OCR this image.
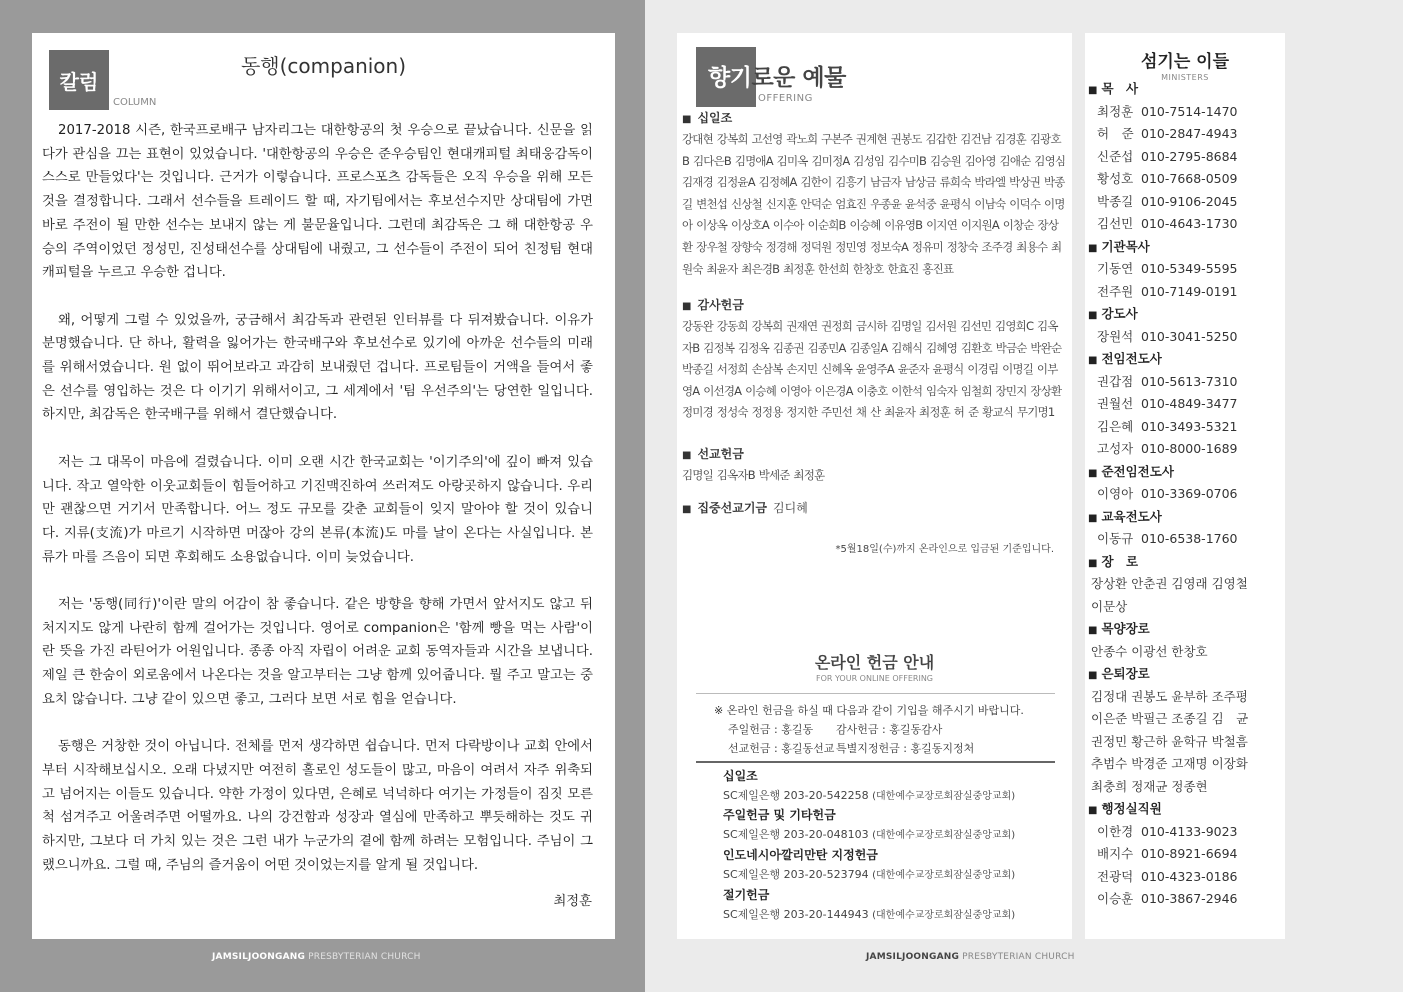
칼럼
COLUMN
동행(companion)

2017-2018 시즌, 한국프로배구 남자리그는 대한항공의 첫 우승으로 끝났습니다. 신문을 읽다가 관심을 끄는 표현이 있었습니다. '대한항공의 우승은 준우승팀인 현대캐피털 최태웅감독이 스스로 만들었다'는 것입니다. 근거가 이렇습니다. 프로스포츠 감독들은 오직 우승을 위해 모든 것을 결정합니다. 그래서 선수들을 트레이드 할 때, 자기팀에서는 후보선수지만 상대팀에 가면 바로 주전이 될 만한 선수는 보내지 않는 게 불문율입니다. 그런데 최감독은 그 해 대한항공 우승의 주역이었던 정성민, 진성태선수를 상대팀에 내줬고, 그 선수들이 주전이 되어 친정팀 현대캐피털을 누르고 우승한 겁니다.

왜, 어떻게 그럴 수 있었을까, 궁금해서 최감독과 관련된 인터뷰를 다 뒤져봤습니다. 이유가 분명했습니다. 단 하나, 활력을 잃어가는 한국배구와 후보선수로 있기에 아까운 선수들의 미래를 위해서였습니다. 원 없이 뛰어보라고 과감히 보내줬던 겁니다. 프로팀들이 거액을 들여서 좋은 선수를 영입하는 것은 다 이기기 위해서이고, 그 세계에서 '팀 우선주의'는 당연한 일입니다. 하지만, 최감독은 한국배구를 위해서 결단했습니다.

저는 그 대목이 마음에 걸렸습니다. 이미 오랜 시간 한국교회는 '이기주의'에 깊이 빠져 있습니다. 작고 열악한 이웃교회들이 힘들어하고 기진맥진하여 쓰러져도 아랑곳하지 않습니다. 우리만 괜찮으면 거기서 만족합니다. 어느 정도 규모를 갖춘 교회들이 잊지 말아야 할 것이 있습니다. 지류(支流)가 마르기 시작하면 머잖아 강의 본류(本流)도 마를 날이 온다는 사실입니다. 본류가 마를 즈음이 되면 후회해도 소용없습니다. 이미 늦었습니다.

저는 '동행(同行)'이란 말의 어감이 참 좋습니다. 같은 방향을 향해 가면서 앞서지도 않고 뒤처지지도 않게 나란히 함께 걸어가는 것입니다. 영어로 companion은 '함께 빵을 먹는 사람'이란 뜻을 가진 라틴어가 어원입니다. 종종 아직 자립이 어려운 교회 동역자들과 시간을 보냅니다. 제일 큰 한숨이 외로움에서 나온다는 것을 알고부터는 그냥 함께 있어줍니다. 뭘 주고 말고는 중요치 않습니다. 그냥 같이 있으면 좋고, 그러다 보면 서로 힘을 얻습니다.

동행은 거창한 것이 아닙니다. 전체를 먼저 생각하면 쉽습니다. 먼저 다락방이나 교회 안에서부터 시작해보십시오. 오래 다녔지만 여전히 홀로인 성도들이 많고, 마음이 여려서 자주 위축되고 넘어지는 이들도 있습니다. 약한 가정이 있다면, 은혜로 넉넉하다 여기는 가정들이 짐짓 모른 척 섬겨주고 어울려주면 어떨까요. 나의 강건함과 성장과 열심에 만족하고 뿌듯해하는 것도 귀하지만, 그보다 더 가치 있는 것은 그런 내가 누군가의 곁에 함께 하려는 모험입니다. 주님이 그랬으니까요. 그럴 때, 주님의 즐거움이 어떤 것이었는지를 알게 될 것입니다.

최정훈
JAMSILJOONGANG PRESBYTERIAN CHURCH
향기로운 예물
OFFERING
■ 십일조
강대현 강복희 고선영 곽노희 구본주 권계현 권봉도 김갑한 김건남 김경훈 김광호B 김다은B 김명애A 김미옥 김미정A 김성임 김수미B 김승원 김아영 김애순 김영심 김재경 김정윤A 김정혜A 김한이 김흥기 남금자 남상금 류희숙 박라엘 박상권 박종길 변천섭 신상철 신지훈 안덕순 엄효진 우종윤 윤석중 윤평식 이남숙 이덕수 이명아 이상옥 이상호A 이수아 이순희B 이승혜 이유영B 이지연 이지원A 이창순 장상환 장우철 장향숙 정경해 정덕원 정민영 정보숙A 정유미 정창숙 조주경 최용수 최원숙 최윤자 최은경B 최정훈 한선희 한창호 한효진 홍진표
■ 감사헌금
강동완 강동희 강복희 권재연 권정희 금시하 김명일 김서원 김선민 김영희C 김옥자B 김정복 김정옥 김종권 김종민A 김종일A 김해식 김혜영 김환호 박금순 박완순 박종길 서정희 손삼복 손지민 신혜옥 윤영주A 윤준자 윤평식 이경림 이명길 이부영A 이선경A 이승혜 이영아 이은경A 이충호 이한석 임숙자 임철희 장민지 장상환 정미경 정성숙 정정용 정지한 주민선 채 산 최윤자 최정훈 허 준 황교식 무기명1
■ 선교헌금
김명일 김옥자B 박세준 최정훈
■ 집중선교기금 김디혜
*5월18일(수)까지 온라인으로 입금된 기준입니다.
온라인 헌금 안내
FOR YOUR ONLINE OFFERING
※ 온라인 헌금을 하실 때 다음과 같이 기입을 해주시기 바랍니다.
주일헌금 : 홍길동 감사헌금 : 홍길동감사
선교헌금 : 홍길동선교 특별지정헌금 : 홍길동지정처
십일조
SC제일은행 203-20-542258 (대한예수교장로회잠실중앙교회)
주일헌금 및 기타헌금
SC제일은행 203-20-048103 (대한예수교장로회잠실중앙교회)
인도네시아깔리만탄 지정헌금
SC제일은행 203-20-523794 (대한예수교장로회잠실중앙교회)
절기헌금
SC제일은행 203-20-144943 (대한예수교장로회잠실중앙교회)
섬기는 이들
MINISTERS
■ 목　사
최정훈 010-7514-1470
허　준 010-2847-4943
신준섭 010-2795-8684
황성호 010-7668-0509
박종길 010-9106-2045
김선민 010-4643-1730
■ 기관목사
기동연 010-5349-5595
전주원 010-7149-0191
■ 강도사
장원석 010-3041-5250
■ 전임전도사
권갑점 010-5613-7310
권월선 010-4849-3477
김은혜 010-3493-5321
고성자 010-8000-1689
■ 준전임전도사
이영아 010-3369-0706
■ 교육전도사
이동규 010-6538-1760
■ 장　로
장상환 안춘권 김영래 김영철
이문상
■ 목양장로
안종수 이광선 한창호
■ 은퇴장로
김정대 권봉도 윤부하 조주평
이은준 박필근 조종길 김　균
권정민 황근하 윤학규 박철흠
추범수 박경준 고재명 이장화
최충희 정재균 정종현
■ 행정실직원
이한경 010-4133-9023
배지수 010-8921-6694
전광덕 010-4323-0186
이승훈 010-3867-2946
JAMSILJOONGANG PRESBYTERIAN CHURCH
